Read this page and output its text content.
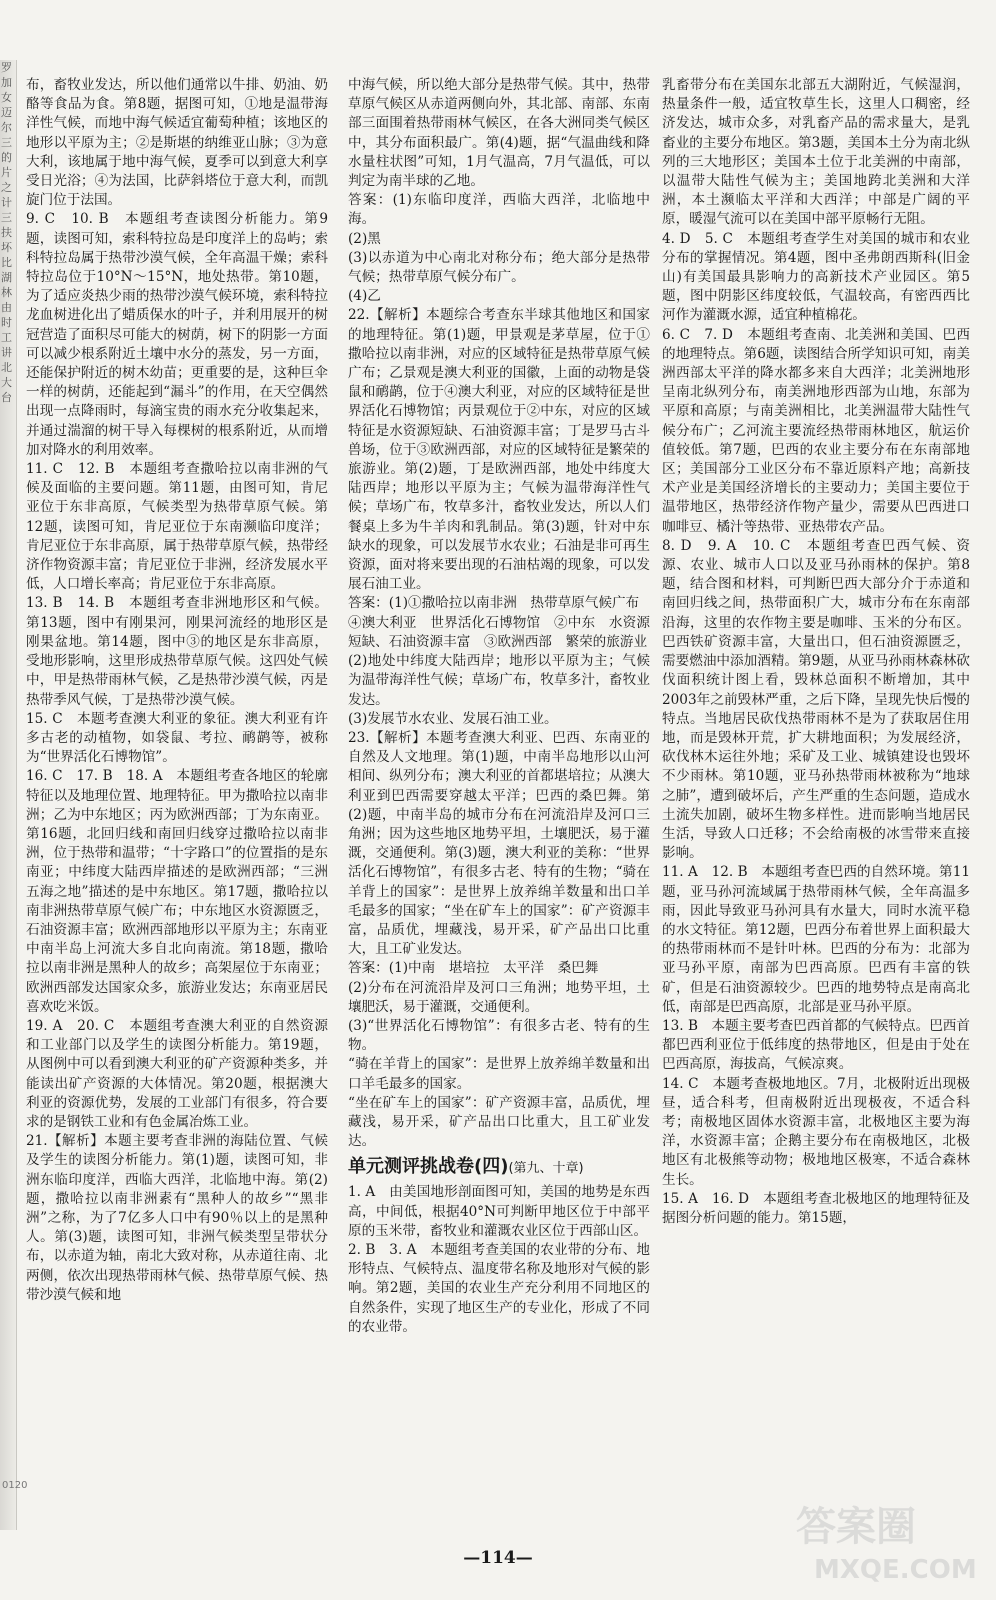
罗加女迈尔三的片之计三扶坏比湖林由时工讲北大台
0120

布，畜牧业发达，所以他们通常以牛排、奶油、奶酪等食品为食。第8题，据图可知，①地是温带海洋性气候，而地中海气候适宜葡萄种植；该地区的地形以平原为主；②是斯堪的纳维亚山脉；③为意大利，该地属于地中海气候，夏季可以到意大利享受日光浴；④为法国，比萨斜塔位于意大利，而凯旋门位于法国。

9. C　10. B　本题组考查读图分析能力。第9题，读图可知，索科特拉岛是印度洋上的岛屿；索科特拉岛属于热带沙漠气候，全年高温干燥；索科特拉岛位于10°N～15°N，地处热带。第10题，为了适应炎热少雨的热带沙漠气候环境，索科特拉龙血树进化出了蜡质保水的叶子，并利用展开的树冠营造了面积尽可能大的树荫，树下的阴影一方面可以减少根系附近土壤中水分的蒸发，另一方面，还能保护附近的树木幼苗；更重要的是，这种巨伞一样的树荫，还能起到“漏斗”的作用，在天空偶然出现一点降雨时，每滴宝贵的雨水充分收集起来，并通过湍溜的树干导入每棵树的根系附近，从而增加对降水的利用效率。

11. C　12. B　本题组考查撒哈拉以南非洲的气候及面临的主要问题。第11题，由图可知，肯尼亚位于东非高原，气候类型为热带草原气候。第12题，读图可知，肯尼亚位于东南濒临印度洋；肯尼亚位于东非高原，属于热带草原气候，热带经济作物资源丰富；肯尼亚位于非洲，经济发展水平低，人口增长率高；肯尼亚位于东非高原。

13. B　14. B　本题组考查非洲地形区和气候。第13题，图中有刚果河，刚果河流经的地形区是刚果盆地。第14题，图中③的地区是东非高原，受地形影响，这里形成热带草原气候。这四处气候中，甲是热带雨林气候，乙是热带沙漠气候，丙是热带季风气候，丁是热带沙漠气候。

15. C　本题考查澳大利亚的象征。澳大利亚有许多古老的动植物，如袋鼠、考拉、鸸鹋等，被称为“世界活化石博物馆”。

16. C　17. B　18. A　本题组考查各地区的轮廓特征以及地理位置、地理特征。甲为撒哈拉以南非洲；乙为中东地区；丙为欧洲西部；丁为东南亚。第16题，北回归线和南回归线穿过撒哈拉以南非洲，位于热带和温带；“十字路口”的位置指的是东南亚；中纬度大陆西岸描述的是欧洲西部；“三洲五海之地”描述的是中东地区。第17题，撒哈拉以南非洲热带草原气候广布；中东地区水资源匮乏，石油资源丰富；欧洲西部地形以平原为主；东南亚中南半岛上河流大多自北向南流。第18题，撒哈拉以南非洲是黑种人的故乡；高架屋位于东南亚；欧洲西部发达国家众多，旅游业发达；东南亚居民喜欢吃米饭。

19. A　20. C　本题组考查澳大利亚的自然资源和工业部门以及学生的读图分析能力。第19题，从图例中可以看到澳大利亚的矿产资源种类多，并能读出矿产资源的大体情况。第20题，根据澳大利亚的资源优势，发展的工业部门有很多，符合要求的是钢铁工业和有色金属冶炼工业。

21.【解析】本题主要考查非洲的海陆位置、气候及学生的读图分析能力。第(1)题，读图可知，非洲东临印度洋，西临大西洋，北临地中海。第(2)题，撒哈拉以南非洲素有“黑种人的故乡”“黑非洲”之称，为了7亿多人口中有90％以上的是黑种人。第(3)题，读图可知，非洲气候类型呈带状分布，以赤道为轴，南北大致对称，从赤道往南、北两侧，依次出现热带雨林气候、热带草原气候、热带沙漠气候和地

中海气候，所以绝大部分是热带气候。其中，热带草原气候区从赤道两侧向外，其北部、南部、东南部三面围着热带雨林气候区，在各大洲同类气候区中，其分布面积最广。第(4)题，据“气温曲线和降水量柱状图”可知，1月气温高，7月气温低，可以判定为南半球的乙地。

答案：(1)东临印度洋，西临大西洋，北临地中海。

(2)黑

(3)以赤道为中心南北对称分布；绝大部分是热带气候；热带草原气候分布广。

(4)乙

22.【解析】本题综合考查东半球其他地区和国家的地理特征。第(1)题，甲景观是茅草屋，位于①撒哈拉以南非洲，对应的区域特征是热带草原气候广布；乙景观是澳大利亚的国徽，上面的动物是袋鼠和鸸鹋，位于④澳大利亚，对应的区域特征是世界活化石博物馆；丙景观位于②中东，对应的区域特征是水资源短缺、石油资源丰富；丁是罗马古斗兽场，位于③欧洲西部，对应的区域特征是繁荣的旅游业。第(2)题，丁是欧洲西部，地处中纬度大陆西岸；地形以平原为主；气候为温带海洋性气候；草场广布，牧草多汁，畜牧业发达，所以人们餐桌上多为牛羊肉和乳制品。第(3)题，针对中东缺水的现象，可以发展节水农业；石油是非可再生资源，面对将来要出现的石油枯竭的现象，可以发展石油工业。

答案：(1)①撒哈拉以南非洲　热带草原气候广布

④澳大利亚　世界活化石博物馆　②中东　水资源短缺、石油资源丰富　③欧洲西部　繁荣的旅游业

(2)地处中纬度大陆西岸；地形以平原为主；气候为温带海洋性气候；草场广布，牧草多汁，畜牧业发达。

(3)发展节水农业、发展石油工业。

23.【解析】本题考查澳大利亚、巴西、东南亚的自然及人文地理。第(1)题，中南半岛地形以山河相间、纵列分布；澳大利亚的首都堪培拉；从澳大利亚到巴西需要穿越太平洋；巴西的桑巴舞。第(2)题，中南半岛的城市分布在河流沿岸及河口三角洲；因为这些地区地势平坦，土壤肥沃，易于灌溉，交通便利。第(3)题，澳大利亚的美称：“世界活化石博物馆”，有很多古老、特有的生物；“骑在羊背上的国家”：是世界上放养绵羊数量和出口羊毛最多的国家；“坐在矿车上的国家”：矿产资源丰富，品质优，埋藏浅，易开采，矿产品出口比重大，且工矿业发达。

答案：(1)中南　堪培拉　太平洋　桑巴舞

(2)分布在河流沿岸及河口三角洲；地势平坦，土壤肥沃，易于灌溉，交通便利。

(3)“世界活化石博物馆”：有很多古老、特有的生物。

“骑在羊背上的国家”：是世界上放养绵羊数量和出口羊毛最多的国家。

“坐在矿车上的国家”：矿产资源丰富，品质优，埋藏浅，易开采，矿产品出口比重大，且工矿业发达。

单元测评挑战卷(四)(第九、十章)

1. A　由美国地形剖面图可知，美国的地势是东西高，中间低，根据40°N可判断甲地区位于中部平原的玉米带，畜牧业和灌溉农业区位于西部山区。

2. B　3. A　本题组考查美国的农业带的分布、地形特点、气候特点、温度带名称及地形对气候的影响。第2题，美国的农业生产充分利用不同地区的自然条件，实现了地区生产的专业化，形成了不同的农业带。

乳畜带分布在美国东北部五大湖附近，气候湿润，热量条件一般，适宜牧草生长，这里人口稠密，经济发达，城市众多，对乳畜产品的需求量大，是乳畜业的主要分布地区。第3题，美国本土分为南北纵列的三大地形区；美国本土位于北美洲的中南部，以温带大陆性气候为主；美国地跨北美洲和大洋洲，本土濒临太平洋和大西洋；中部是广阔的平原，暖湿气流可以在美国中部平原畅行无阻。

4. D　5. C　本题组考查学生对美国的城市和农业分布的掌握情况。第4题，图中圣弗朗西斯科(旧金山)有美国最具影响力的高新技术产业园区。第5题，图中阴影区纬度较低，气温较高，有密西西比河作为灌溉水源，适宜种植棉花。

6. C　7. D　本题组考查南、北美洲和美国、巴西的地理特点。第6题，读图结合所学知识可知，南美洲西部太平洋的降水都多来自大西洋；北美洲地形呈南北纵列分布，南美洲地形西部为山地，东部为平原和高原；与南美洲相比，北美洲温带大陆性气候分布广；乙河流主要流经热带雨林地区，航运价值较低。第7题，巴西的农业主要分布在东南部地区；美国部分工业区分布不靠近原料产地；高新技术产业是美国经济增长的主要动力；美国主要位于温带地区，热带经济作物产量少，需要从巴西进口咖啡豆、橘汁等热带、亚热带农产品。

8. D　9. A　10. C　本题组考查巴西气候、资源、农业、城市人口以及亚马孙雨林的保护。第8题，结合图和材料，可判断巴西大部分介于赤道和南回归线之间，热带面积广大，城市分布在东南部沿海，这里的农作物主要是咖啡、玉米的分布区。巴西铁矿资源丰富，大量出口，但石油资源匮乏，需要燃油中添加酒精。第9题，从亚马孙雨林森林砍伐面积统计图上看，毁林总面积不断增加，其中2003年之前毁林严重，之后下降，呈现先快后慢的特点。当地居民砍伐热带雨林不是为了获取居住用地，而是毁林开荒，扩大耕地面积；为发展经济，砍伐林木运往外地；采矿及工业、城镇建设也毁坏不少雨林。第10题，亚马孙热带雨林被称为“地球之肺”，遭到破坏后，产生严重的生态问题，造成水土流失加剧，破坏生物多样性。进而影响当地居民生活，导致人口迁移；不会给南极的冰雪带来直接影响。

11. A　12. B　本题组考查巴西的自然环境。第11题，亚马孙河流域属于热带雨林气候，全年高温多雨，因此导致亚马孙河具有水量大，同时水流平稳的水文特征。第12题，巴西分布着世界上面积最大的热带雨林而不是针叶林。巴西的分布为：北部为亚马孙平原，南部为巴西高原。巴西有丰富的铁矿，但是石油资源较少。巴西的地势特点是南高北低，南部是巴西高原，北部是亚马孙平原。

13. B　本题主要考查巴西首都的气候特点。巴西首都巴西利亚位于低纬度的热带地区，但是由于处在巴西高原，海拔高，气候凉爽。

14. C　本题考查极地地区。7月，北极附近出现极昼，适合科考，但南极附近出现极夜，不适合科考；南极地区固体水资源丰富，北极地区主要为海洋，水资源丰富；企鹅主要分布在南极地区，北极地区有北极熊等动物；极地地区极寒，不适合森林生长。

15. A　16. D　本题组考查北极地区的地理特征及据图分析问题的能力。第15题，

—114—
答案圈
MXQE.COM
